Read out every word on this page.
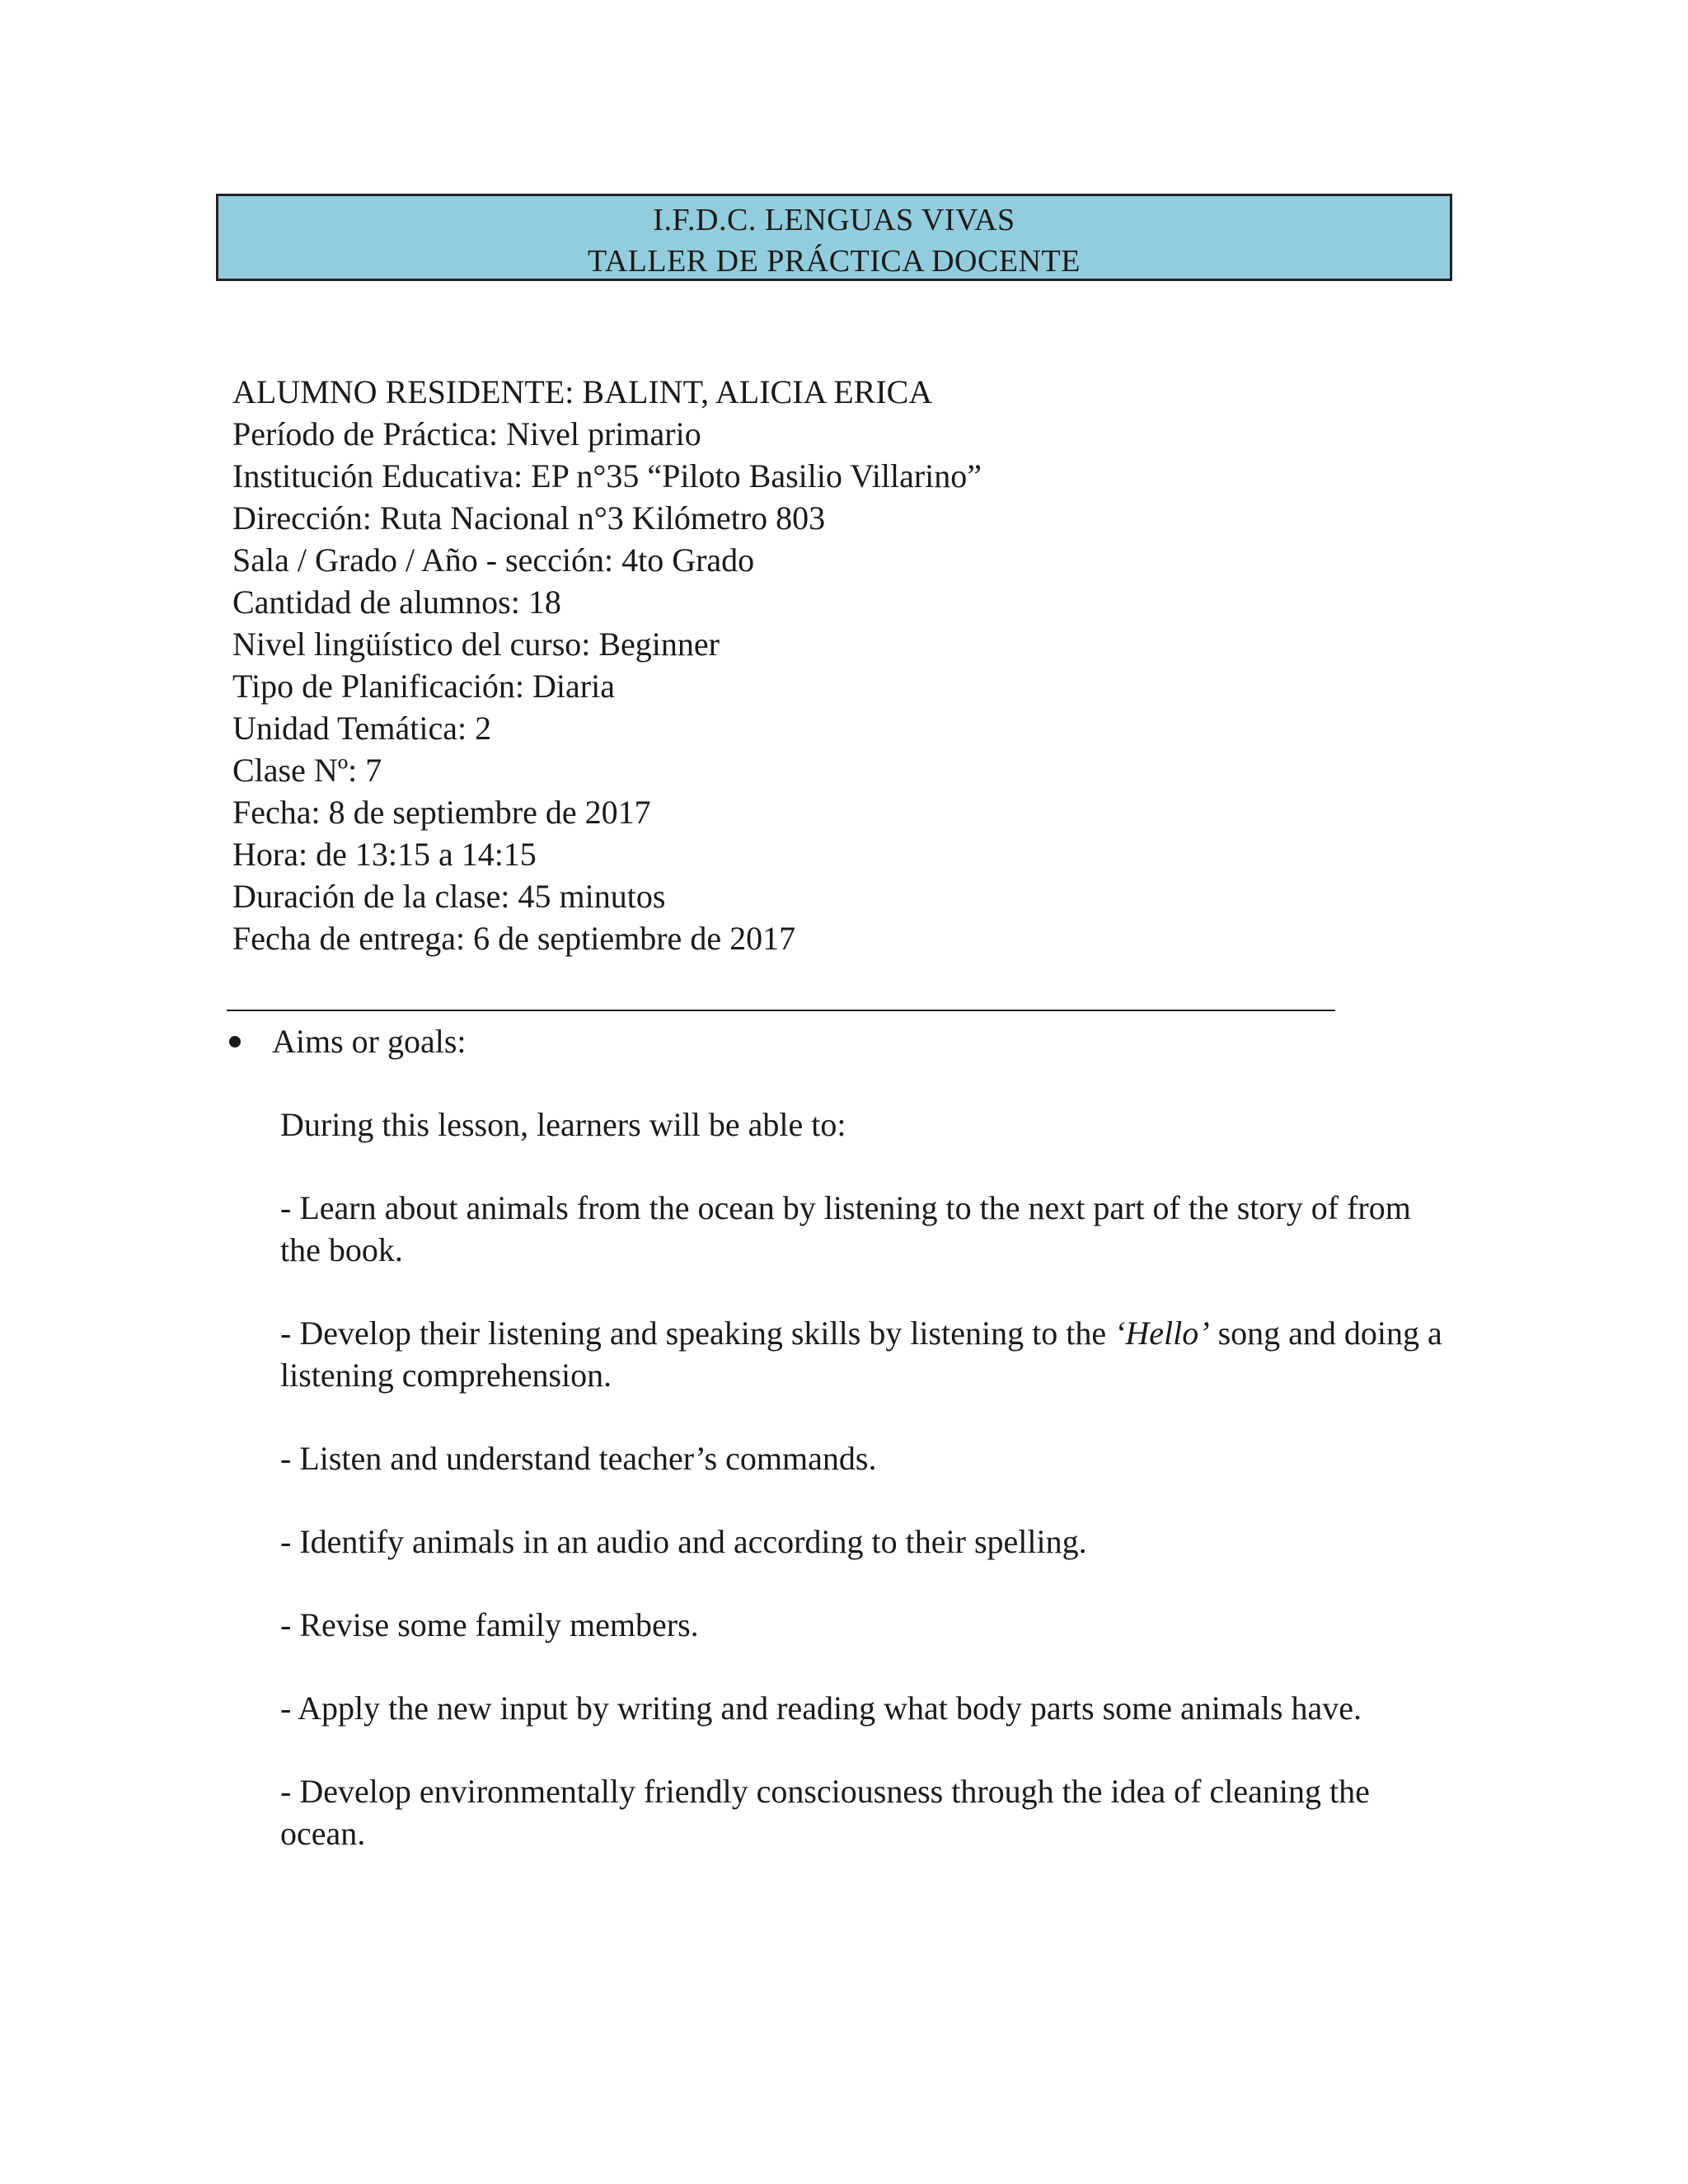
I.F.D.C. LENGUAS VIVAS
TALLER DE PRÁCTICA DOCENTE
ALUMNO RESIDENTE: BALINT, ALICIA ERICA
Período de Práctica: Nivel primario
Institución Educativa: EP n°35 “Piloto Basilio Villarino”
Dirección: Ruta Nacional n°3 Kilómetro 803
Sala / Grado / Año - sección: 4to Grado
Cantidad de alumnos: 18
Nivel lingüístico del curso: Beginner
Tipo de Planificación: Diaria
Unidad Temática: 2
Clase Nº: 7
Fecha: 8 de septiembre de 2017
Hora: de 13:15 a 14:15
Duración de la clase: 45 minutos
Fecha de entrega: 6 de septiembre de 2017
Aims or goals:
During this lesson, learners will be able to:
- Learn about animals from the ocean by listening to the next part of the story of from the book.
- Develop their listening and speaking skills by listening to the ‘Hello’ song and doing a listening comprehension.
- Listen and understand teacher’s commands.
- Identify animals in an audio and according to their spelling.
- Revise some family members.
- Apply the new input by writing and reading what body parts some animals have.
- Develop environmentally friendly consciousness through the idea of cleaning the ocean.
